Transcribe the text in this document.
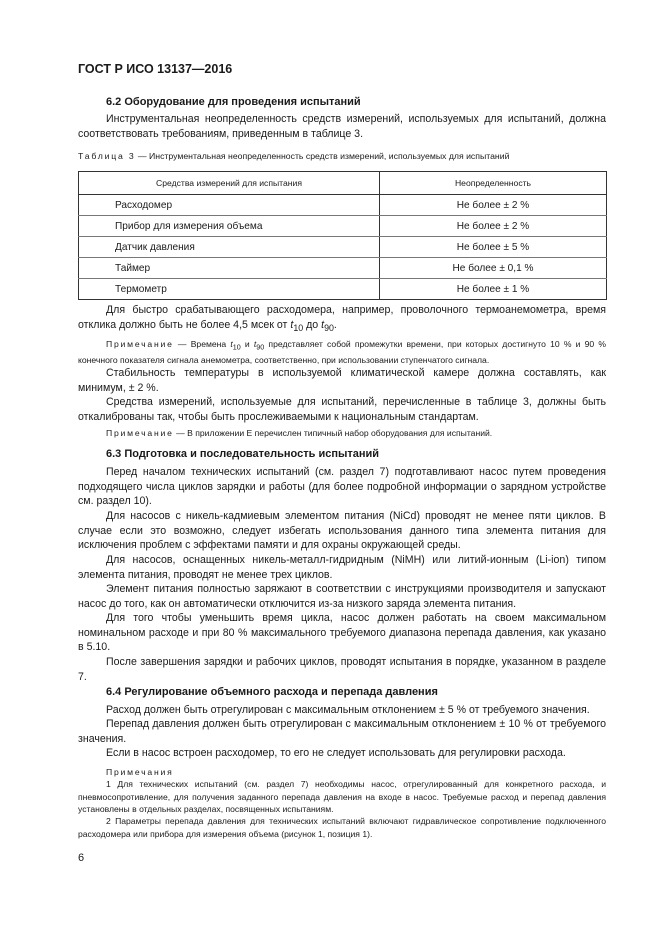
ГОСТ Р ИСО 13137—2016
6.2 Оборудование для проведения испытаний
Инструментальная неопределенность средств измерений, используемых для испытаний, должна соответствовать требованиям, приведенным в таблице 3.
Таблица 3 — Инструментальная неопределенность средств измерений, используемых для испытаний
Средства измерений для испытания	Неопределенность
Расходомер	Не более ± 2 %
Прибор для измерения объема	Не более ± 2 %
Датчик давления	Не более ± 5 %
Таймер	Не более ± 0,1 %
Термометр	Не более ± 1 %
Для быстро срабатывающего расходомера, например, проволочного термоанемометра, время отклика должно быть не более 4,5 мсек от $t_{10}$ до $t_{90}$.
Примечание — Времена $t_{10}$ и $t_{90}$ представляет собой промежутки времени, при которых достигнуто 10 % и 90 % конечного показателя сигнала анемометра, соответственно, при использовании ступенчатого сигнала.
Стабильность температуры в используемой климатической камере должна составлять, как минимум, ± 2 %.
Средства измерений, используемые для испытаний, перечисленные в таблице 3, должны быть откалиброваны так, чтобы быть прослеживаемыми к национальным стандартам.
Примечание — В приложении Е перечислен типичный набор оборудования для испытаний.
6.3 Подготовка и последовательность испытаний
Перед началом технических испытаний (см. раздел 7) подготавливают насос путем проведения подходящего числа циклов зарядки и работы (для более подробной информации о зарядном устройстве см. раздел 10).
Для насосов с никель-кадмиевым элементом питания (NiCd) проводят не менее пяти циклов. В случае если это возможно, следует избегать использования данного типа элемента питания для исключения проблем с эффектами памяти и для охраны окружающей среды.
Для насосов, оснащенных никель-металл-гидридным (NiMH) или литий-ионным (Li-ion) типом элемента питания, проводят не менее трех циклов.
Элемент питания полностью заряжают в соответствии с инструкциями производителя и запускают насос до того, как он автоматически отключится из-за низкого заряда элемента питания.
Для того чтобы уменьшить время цикла, насос должен работать на своем максимальном номинальном расходе и при 80 % максимального требуемого диапазона перепада давления, как указано в 5.10.
После завершения зарядки и рабочих циклов, проводят испытания в порядке, указанном в разделе 7.
6.4 Регулирование объемного расхода и перепада давления
Расход должен быть отрегулирован с максимальным отклонением ± 5 % от требуемого значения.
Перепад давления должен быть отрегулирован с максимальным отклонением ± 10 % от требуемого значения.
Если в насос встроен расходомер, то его не следует использовать для регулировки расхода.
Примечания
1 Для технических испытаний (см. раздел 7) необходимы насос, отрегулированный для конкретного расхода, и пневмосопротивление, для получения заданного перепада давления на входе в насос. Требуемые расход и перепад давления установлены в отдельных разделах, посвященных испытаниям.
2 Параметры перепада давления для технических испытаний включают гидравлическое сопротивление подключенного расходомера или прибора для измерения объема (рисунок 1, позиция 1).
6
